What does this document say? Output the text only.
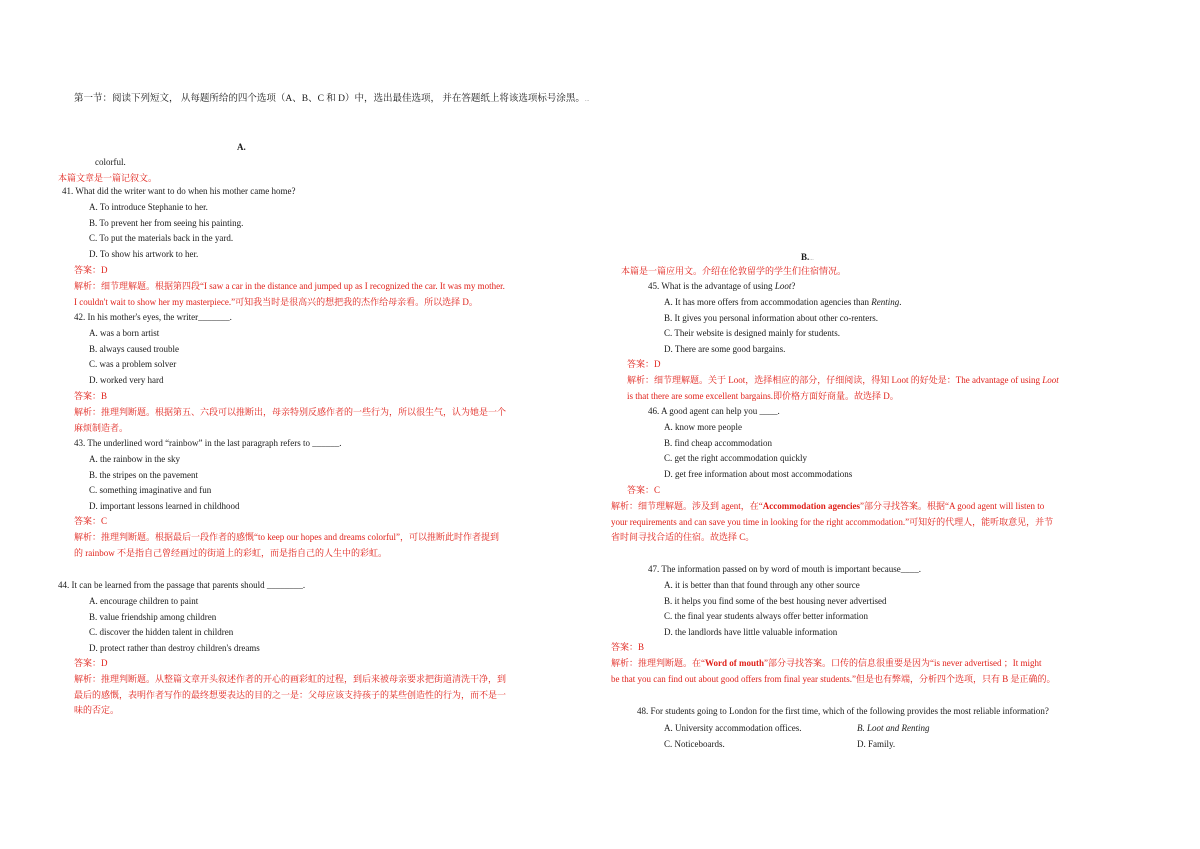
第一节：阅读下列短文， 从每题所给的四个选项（A、B、C 和 D）中，选出最佳选项， 并在答题纸上将该选项标号涂黑。...
A.
colorful.
本篇文章是一篇记叙文。
41. What did the writer want to do when his mother came home?
A. To introduce Stephanie to her.
B. To prevent her from seeing his painting.
C. To put the materials back in the yard.
D. To show his artwork to her.
答案：D
解析：细节理解题。根据第四段“I saw a car in the distance and jumped up as I recognized the car. It was my mother.
I couldn't wait to show her my masterpiece.”可知我当时是很高兴的想把我的杰作给母亲看。所以选择 D。
42. In his mother's eyes, the writer_______.
A. was a born artist
B. always caused trouble
C. was a problem solver
D. worked very hard
答案：B
解析：推理判断题。根据第五、六段可以推断出，母亲特别反感作者的一些行为，所以很生气，认为她是一个
麻烦制造者。
43. The underlined word “rainbow” in the last paragraph refers to ______.
A. the rainbow in the sky
B. the stripes on the pavement
C. something imaginative and fun
D. important lessons learned in childhood
答案：C
解析：推理判断题。根据最后一段作者的感慨“to keep our hopes and dreams colorful”，可以推断此时作者提到
的 rainbow 不是指自己曾经画过的街道上的彩虹，而是指自己的人生中的彩虹。
44. It can be learned from the passage that parents should ________.
A. encourage children to paint
B. value friendship among children
C. discover the hidden talent in children
D. protect rather than destroy children's dreams
答案：D
解析：推理判断题。从整篇文章开头叙述作者的开心的画彩虹的过程，到后来被母亲要求把街道清洗干净，到
最后的感慨，表明作者写作的最终想要表达的目的之一是：父母应该支持孩子的某些创造性的行为，而不是一
味的否定。
B....
本篇是一篇应用文。介绍在伦敦留学的学生们住宿情况。
45. What is the advantage of using Loot?
A. It has more offers from accommodation agencies than Renting.
B. It gives you personal information about other co-renters.
C. Their website is designed mainly for students.
D. There are some good bargains.
答案：D
解析：细节理解题。关于 Loot，选择相应的部分，仔细阅读，得知 Loot 的好处是：The advantage of using Loot
is that there are some excellent bargains.即价格方面好商量。故选择 D。
46. A good agent can help you ____.
A. know more people
B. find cheap accommodation
C. get the right accommodation quickly
D. get free information about most accommodations
答案：C
解析：细节理解题。涉及到 agent，在“Accommodation agencies”部分寻找答案。根据“A good agent will listen to
your requirements and can save you time in looking for the right accommodation.”可知好的代理人，能听取意见，并节
省时间寻找合适的住宿。故选择 C。
47. The information passed on by word of mouth is important because____.
A. it is better than that found through any other source
B. it helps you find some of the best housing never advertised
C. the final year students always offer better information
D. the landlords have little valuable information
答案：B
解析：推理判断题。在“Word of mouth”部分寻找答案。口传的信息很重要是因为“is never advertised ；It might
be that you can find out about good offers from final year students.”但是也有弊端，分析四个选项，只有 B 是正确的。
48. For students going to London for the first time, which of the following provides the most reliable information?
A. University accommodation offices.	B. Loot and Renting
C. Noticeboards.	D. Family.
